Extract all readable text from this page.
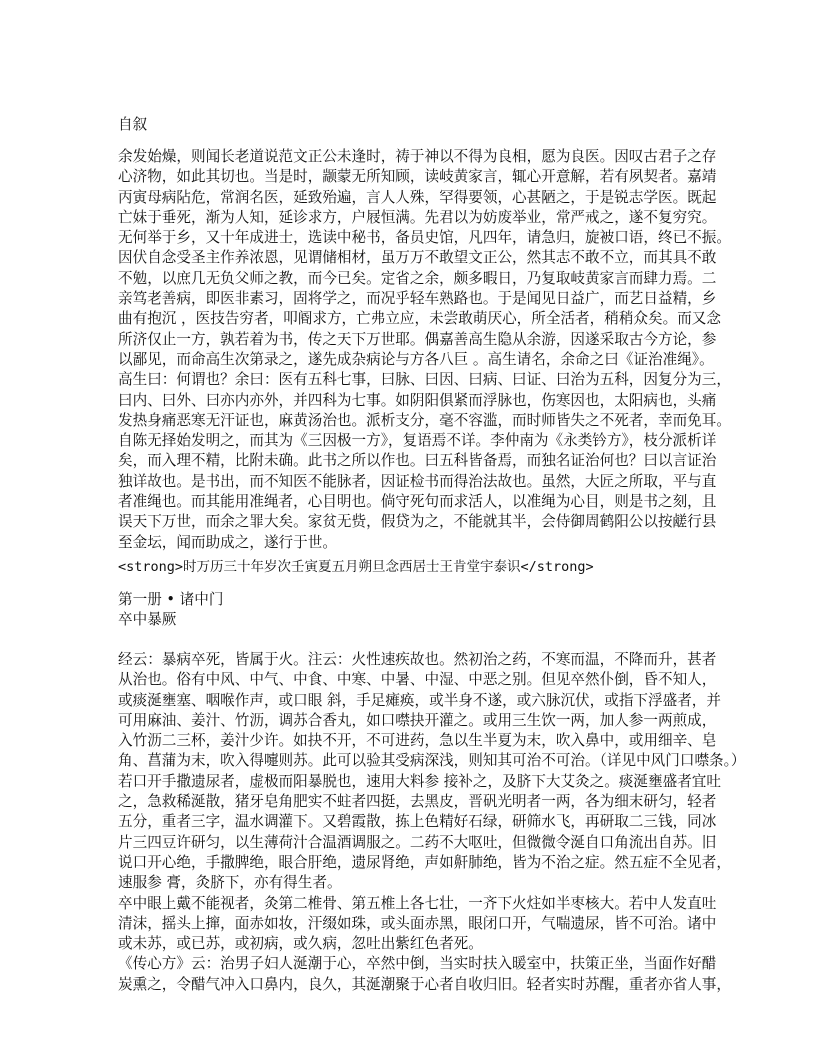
自叙
余发始燥，则闻长老道说范文正公未逢时，祷于神以不得为良相，愿为良医。因叹古君子之存
心济物，如此其切也。当是时，颛蒙无所知顾，读岐黄家言，辄心开意解，若有夙契者。嘉靖
丙寅母病阽危，常润名医，延致殆遍，言人人殊，罕得要领，心甚陋之，于是锐志学医。既起
亡妹于垂死，渐为人知，延诊求方，户屐恒满。先君以为妨废举业，常严戒之，遂不复穷究。
无何举于乡，又十年成进士，选读中秘书，备员史馆，凡四年，请急归，旋被口语，终已不振。
因伏自念受圣主作养浓恩，见谓储相材，虽万万不敢望文正公，然其志不敢不立，而其具不敢
不勉，以庶几无负父师之教，而今已矣。定省之余，颇多暇日，乃复取岐黄家言而肆力焉。二
亲笃老善病，即医非素习，固将学之，而况乎轻车熟路也。于是闻见日益广，而艺日益精，乡
曲有抱沉 ，医技告穷者，叩阍求方，亡弗立应，未尝敢萌厌心，所全活者，稍稍众矣。而又念
所济仅止一方，孰若着为书，传之天下万世耶。偶嘉善高生隐从余游，因遂采取古今方论，参
以鄙见，而命高生次第录之，遂先成杂病论与方各八巨 。高生请名，余命之曰《证治准绳》。
高生曰：何谓也？余曰：医有五科七事，曰脉、曰因、曰病、曰证、曰治为五科，因复分为三，
曰内、曰外、曰亦内亦外，并四科为七事。如阴阳俱紧而浮脉也，伤寒因也，太阳病也，头痛
发热身痛恶寒无汗证也，麻黄汤治也。派析支分，毫不容滥，而时师皆失之不死者，幸而免耳。
自陈无择始发明之，而其为《三因极一方》，复语焉不详。李仲南为《永类钤方》，枝分派析详
矣，而入理不精，比附未确。此书之所以作也。曰五科皆备焉，而独名证治何也？曰以言证治
独详故也。是书出，而不知医不能脉者，因证检书而得治法故也。虽然，大匠之所取，平与直
者准绳也。而其能用准绳者，心目明也。倘守死句而求活人，以准绳为心目，则是书之刻，且
误天下万世，而余之罪大矣。家贫无赀，假贷为之，不能就其半，会侍御周鹤阳公以按鹾行县
至金坛，闻而助成之，遂行于世。
<strong>时万历三十年岁次壬寅夏五月朔旦念西居士王肯堂宇泰识</strong>
第一册 • 诸中门
卒中暴厥
经云：暴病卒死，皆属于火。注云：火性速疾故也。然初治之药，不寒而温，不降而升，甚者
从治也。俗有中风、中气、中食、中寒、中暑、中湿、中恶之别。但见卒然仆倒，昏不知人，
或痰涎壅塞、咽喉作声，或口眼 斜，手足瘫痪，或半身不遂，或六脉沉伏，或指下浮盛者，并
可用麻油、姜汁、竹沥，调苏合香丸，如口噤抉开灌之。或用三生饮一两，加人参一两煎成，
入竹沥二三杯，姜汁少许。如抉不开，不可进药，急以生半夏为末，吹入鼻中，或用细辛、皂
角、菖蒲为末，吹入得嚏则苏。此可以验其受病深浅，则知其可治不可治。（详见中风门口噤条。）
若口开手撒遗尿者，虚极而阳暴脱也，速用大料参 接补之，及脐下大艾灸之。痰涎壅盛者宜吐
之，急救稀涎散，猪牙皂角肥实不蛀者四挺，去黑皮，晋矾光明者一两，各为细末研匀，轻者
五分，重者三字，温水调灌下。又碧霞散，拣上色精好石绿，研筛水飞，再研取二三钱，同冰
片三四豆许研匀，以生薄荷汁合温酒调服之。二药不大呕吐，但微微令涎自口角流出自苏。旧
说口开心绝，手撒脾绝，眼合肝绝，遗尿肾绝，声如鼾肺绝，皆为不治之症。然五症不全见者，
速服参 膏，灸脐下，亦有得生者。
卒中眼上戴不能视者，灸第二椎骨、第五椎上各七壮，一齐下火炷如半枣核大。若中人发直吐
清沫，摇头上撺，面赤如妆，汗缀如珠，或头面赤黑，眼闭口开，气喘遗尿，皆不可治。诸中
或未苏，或已苏，或初病，或久病，忽吐出紫红色者死。
《传心方》云：治男子妇人涎潮于心，卒然中倒，当实时扶入暖室中，扶策正坐，当面作好醋
炭熏之，令醋气冲入口鼻内，良久，其涎潮聚于心者自收归旧。轻者实时苏醒，重者亦省人事，
